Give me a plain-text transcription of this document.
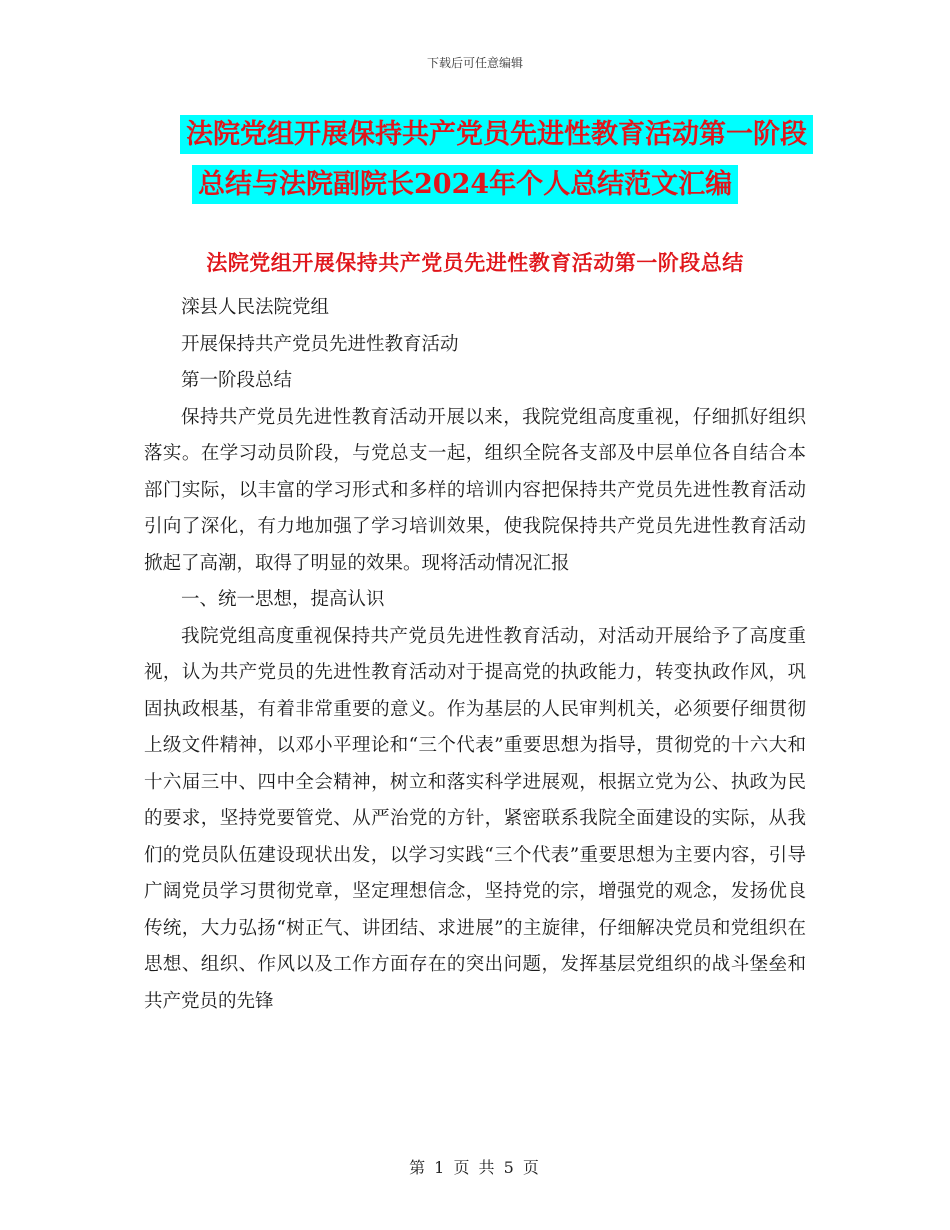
下载后可任意编辑
法院党组开展保持共产党员先进性教育活动第一阶段

总结与法院副院长2024年个人总结范文汇编
法院党组开展保持共产党员先进性教育活动第一阶段总结

滦县人民法院党组

开展保持共产党员先进性教育活动

第一阶段总结

保持共产党员先进性教育活动开展以来，我院党组高度重视，仔细抓好组织落实。在学习动员阶段，与党总支一起，组织全院各支部及中层单位各自结合本部门实际，以丰富的学习形式和多样的培训内容把保持共产党员先进性教育活动引向了深化，有力地加强了学习培训效果，使我院保持共产党员先进性教育活动掀起了高潮，取得了明显的效果。现将活动情况汇报

一、统一思想，提高认识

我院党组高度重视保持共产党员先进性教育活动，对活动开展给予了高度重视，认为共产党员的先进性教育活动对于提高党的执政能力，转变执政作风，巩固执政根基，有着非常重要的意义。作为基层的人民审判机关，必须要仔细贯彻上级文件精神，以邓小平理论和“三个代表”重要思想为指导，贯彻党的十六大和十六届三中、四中全会精神，树立和落实科学进展观，根据立党为公、执政为民的要求，坚持党要管党、从严治党的方针，紧密联系我院全面建设的实际，从我们的党员队伍建设现状出发，以学习实践“三个代表”重要思想为主要内容，引导广阔党员学习贯彻党章，坚定理想信念，坚持党的宗，增强党的观念，发扬优良传统，大力弘扬“树正气、讲团结、求进展”的主旋律，仔细解决党员和党组织在思想、组织、作风以及工作方面存在的突出问题，发挥基层党组织的战斗堡垒和共产党员的先锋

第 1 页 共 5 页
